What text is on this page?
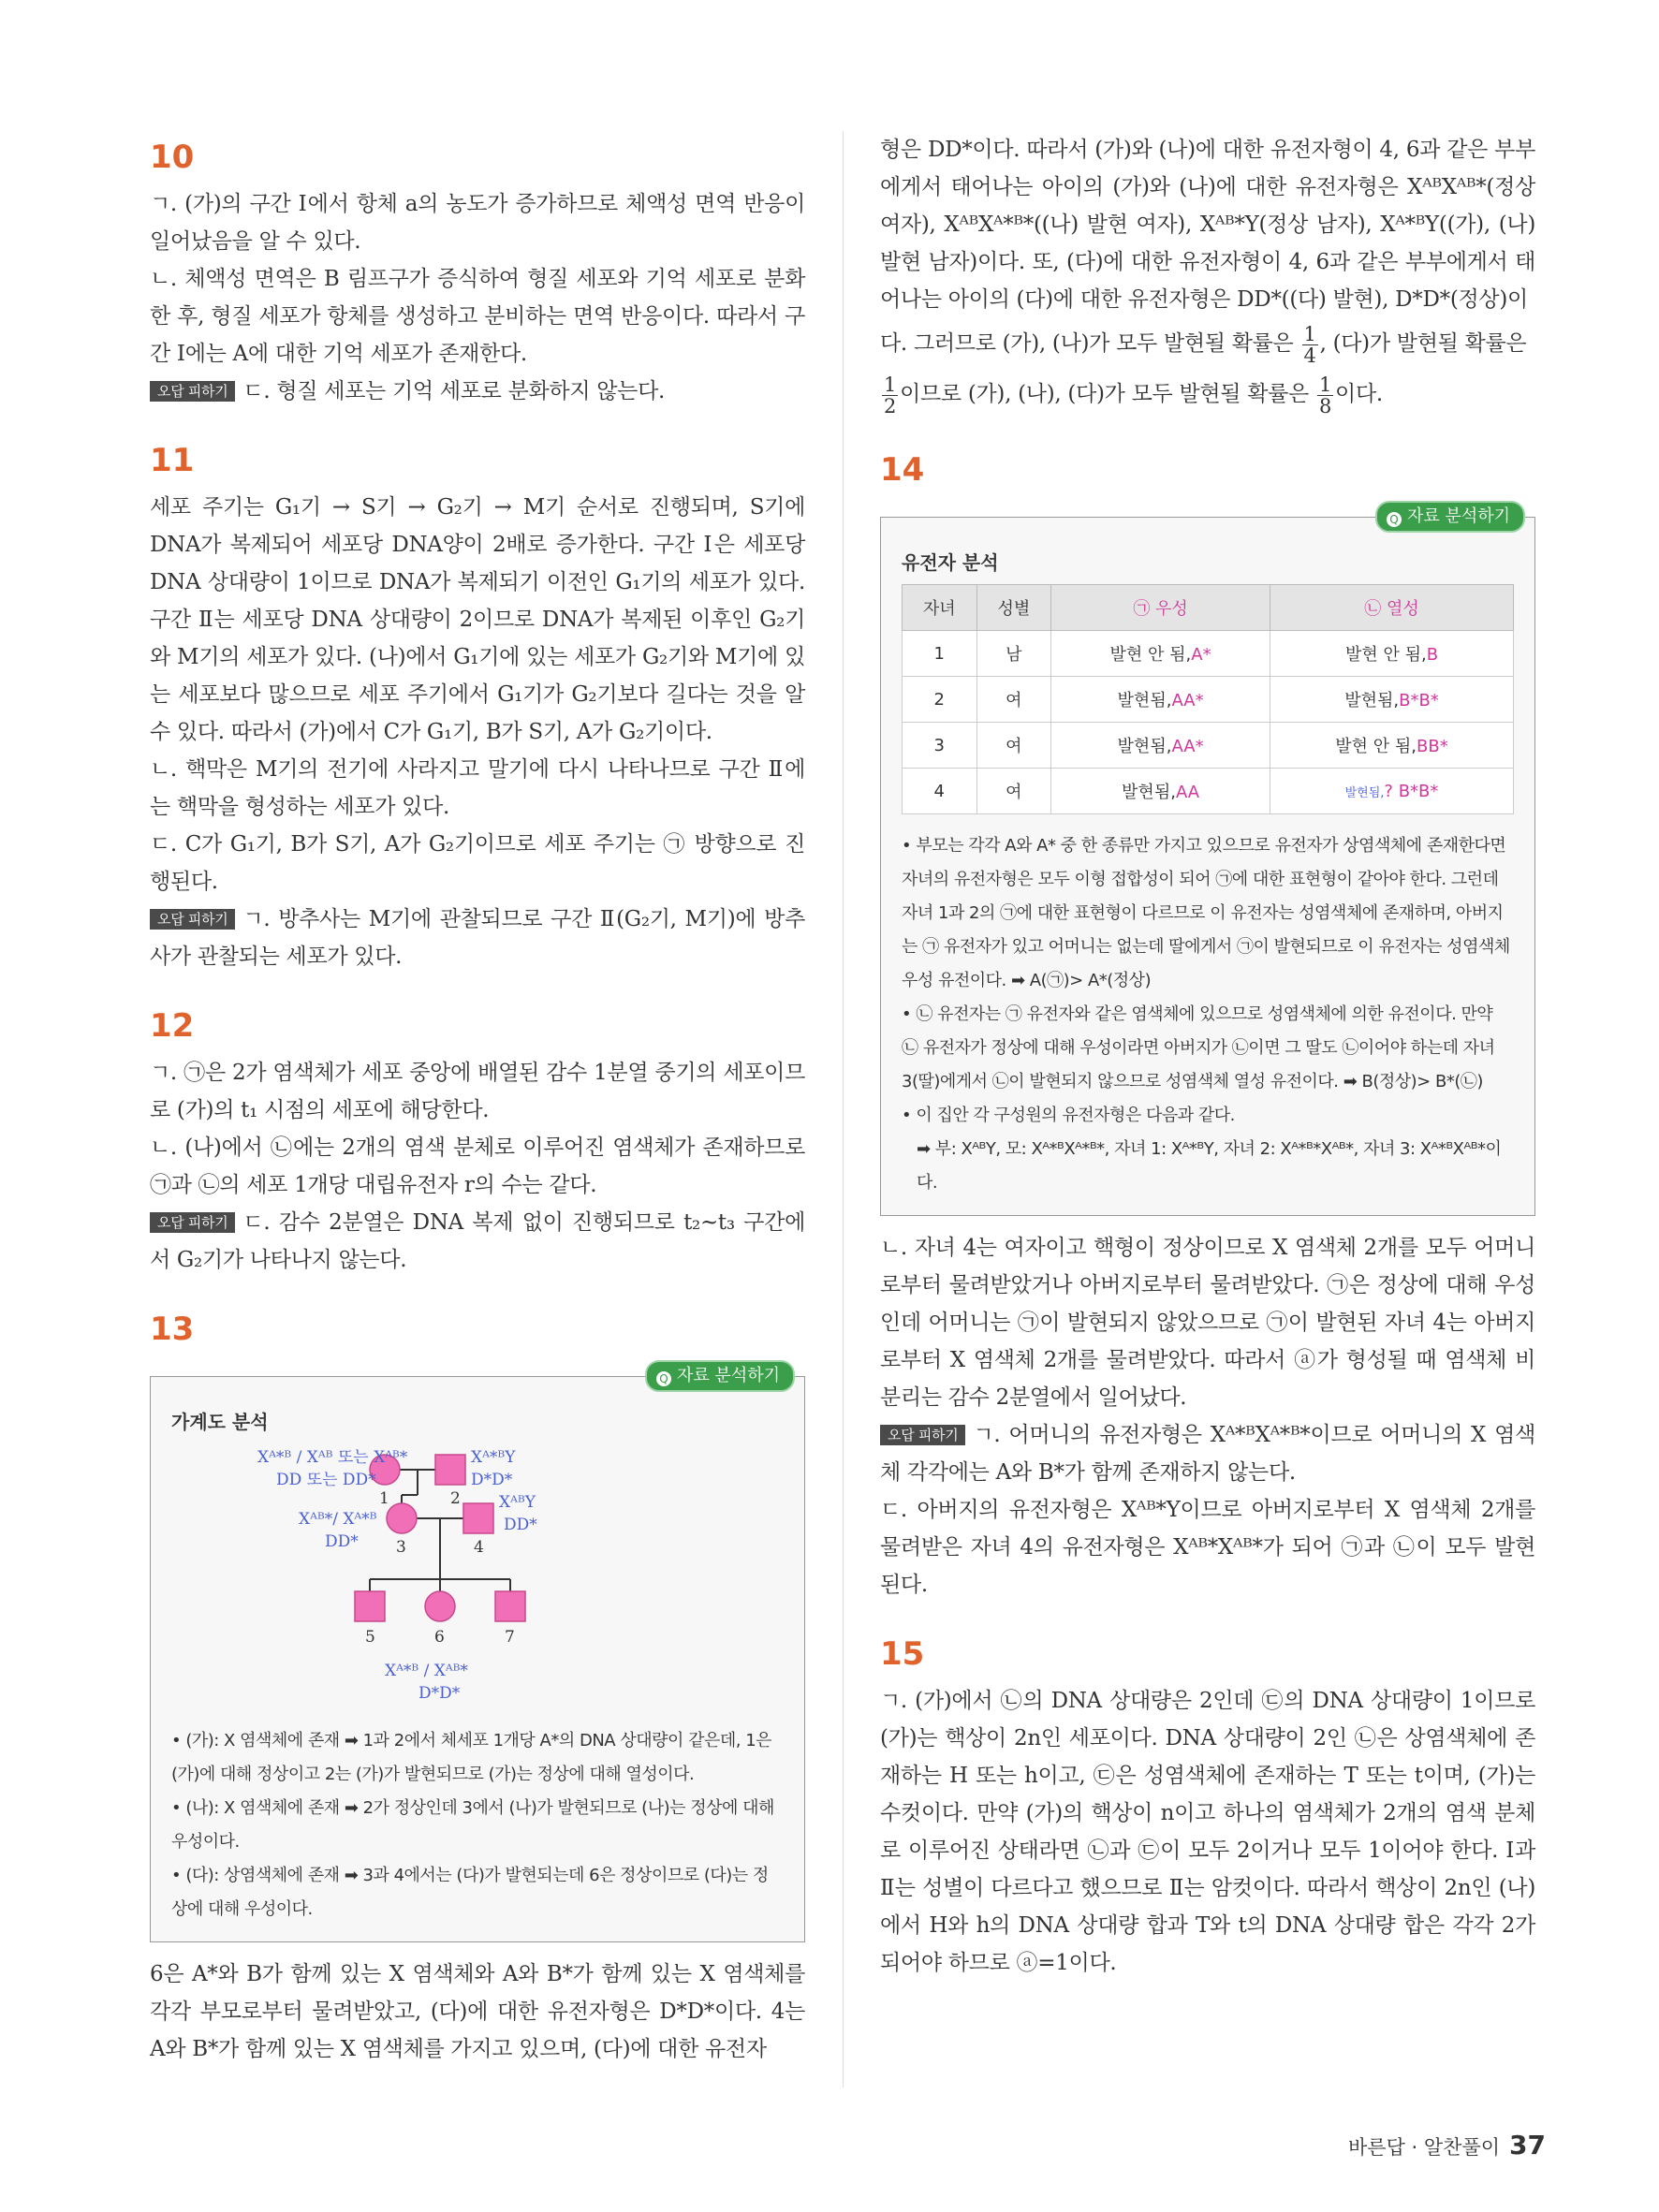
10

ㄱ. (가)의 구간 Ⅰ에서 항체 a의 농도가 증가하므로 체액성 면역 반응이 일어났음을 알 수 있다.

ㄴ. 체액성 면역은 B 림프구가 증식하여 형질 세포와 기억 세포로 분화한 후, 형질 세포가 항체를 생성하고 분비하는 면역 반응이다. 따라서 구간 Ⅰ에는 A에 대한 기억 세포가 존재한다.

오답 피하기 ㄷ. 형질 세포는 기억 세포로 분화하지 않는다.

11

세포 주기는 G₁기 → S기 → G₂기 → M기 순서로 진행되며, S기에 DNA가 복제되어 세포당 DNA양이 2배로 증가한다. 구간 Ⅰ은 세포당 DNA 상대량이 1이므로 DNA가 복제되기 이전인 G₁기의 세포가 있다. 구간 Ⅱ는 세포당 DNA 상대량이 2이므로 DNA가 복제된 이후인 G₂기와 M기의 세포가 있다. (나)에서 G₁기에 있는 세포가 G₂기와 M기에 있는 세포보다 많으므로 세포 주기에서 G₁기가 G₂기보다 길다는 것을 알 수 있다. 따라서 (가)에서 C가 G₁기, B가 S기, A가 G₂기이다.

ㄴ. 핵막은 M기의 전기에 사라지고 말기에 다시 나타나므로 구간 Ⅱ에는 핵막을 형성하는 세포가 있다.

ㄷ. C가 G₁기, B가 S기, A가 G₂기이므로 세포 주기는 ㉠ 방향으로 진행된다.

오답 피하기 ㄱ. 방추사는 M기에 관찰되므로 구간 Ⅱ(G₂기, M기)에 방추사가 관찰되는 세포가 있다.

12

ㄱ. ㉠은 2가 염색체가 세포 중앙에 배열된 감수 1분열 중기의 세포이므로 (가)의 t₁ 시점의 세포에 해당한다.

ㄴ. (나)에서 ㉡에는 2개의 염색 분체로 이루어진 염색체가 존재하므로 ㉠과 ㉡의 세포 1개당 대립유전자 r의 수는 같다.

오답 피하기 ㄷ. 감수 2분열은 DNA 복제 없이 진행되므로 t₂~t₃ 구간에서 G₂기가 나타나지 않는다.

13
Q 자료 분석하기
가계도 분석
Xᴬ*ᴮ / Xᴬᴮ 또는 Xᴬᴮ*
DD 또는 DD*
Xᴬ*ᴮY
D*D*
Xᴬᴮ*/ Xᴬ*ᴮ
DD*
XᴬᴮY
DD*
Xᴬ*ᴮ / Xᴬᴮ*
D*D*
1	2
3	4
5	6	7
• (가): X 염색체에 존재 ➡ 1과 2에서 체세포 1개당 A*의 DNA 상대량이 같은데, 1은 (가)에 대해 정상이고 2는 (가)가 발현되므로 (가)는 정상에 대해 열성이다.
• (나): X 염색체에 존재 ➡ 2가 정상인데 3에서 (나)가 발현되므로 (나)는 정상에 대해 우성이다.
• (다): 상염색체에 존재 ➡ 3과 4에서는 (다)가 발현되는데 6은 정상이므로 (다)는 정상에 대해 우성이다.

6은 A*와 B가 함께 있는 X 염색체와 A와 B*가 함께 있는 X 염색체를 각각 부모로부터 물려받았고, (다)에 대한 유전자형은 D*D*이다. 4는 A와 B*가 함께 있는 X 염색체를 가지고 있으며, (다)에 대한 유전자

형은 DD*이다. 따라서 (가)와 (나)에 대한 유전자형이 4, 6과 같은 부부에게서 태어나는 아이의 (가)와 (나)에 대한 유전자형은 XᴬᴮXᴬᴮ*(정상 여자), XᴬᴮXᴬ*ᴮ*((나) 발현 여자), Xᴬᴮ*Y(정상 남자), Xᴬ*ᴮY((가), (나) 발현 남자)이다. 또, (다)에 대한 유전자형이 4, 6과 같은 부부에게서 태어나는 아이의 (다)에 대한 유전자형은 DD*((다) 발현), D*D*(정상)이

다. 그러므로 (가), (나)가 모두 발현될 확률은 $\frac{1}{4}$ , (다)가 발현될 확률은

$\frac{1}{2}$ 이므로 (가), (나), (다)가 모두 발현될 확률은 $\frac{1}{8}$ 이다.

14
Q 자료 분석하기
유전자 분석
자녀	성별	㉠ 우성	㉡ 열성
1	남	발현 안 됨,A*	발현 안 됨,B
2	여	발현됨,AA*	발현됨,B*B*
3	여	발현됨,AA*	발현 안 됨,BB*
4	여	발현됨,AA	발현됨,? B*B*
• 부모는 각각 A와 A* 중 한 종류만 가지고 있으므로 유전자가 상염색체에 존재한다면 자녀의 유전자형은 모두 이형 접합성이 되어 ㉠에 대한 표현형이 같아야 한다. 그런데 자녀 1과 2의 ㉠에 대한 표현형이 다르므로 이 유전자는 성염색체에 존재하며, 아버지는 ㉠ 유전자가 있고 어머니는 없는데 딸에게서 ㉠이 발현되므로 이 유전자는 성염색체 우성 유전이다. ➡ A(㉠)> A*(정상)
• ㉡ 유전자는 ㉠ 유전자와 같은 염색체에 있으므로 성염색체에 의한 유전이다. 만약 ㉡ 유전자가 정상에 대해 우성이라면 아버지가 ㉡이면 그 딸도 ㉡이어야 하는데 자녀 3(딸)에게서 ㉡이 발현되지 않으므로 성염색체 열성 유전이다. ➡ B(정상)> B*(㉡)
• 이 집안 각 구성원의 유전자형은 다음과 같다.
➡ 부: XᴬᴮY, 모: Xᴬ*ᴮXᴬ*ᴮ*, 자녀 1: Xᴬ*ᴮY, 자녀 2: Xᴬ*ᴮ*Xᴬᴮ*, 자녀 3: Xᴬ*ᴮXᴬᴮ*이다.

ㄴ. 자녀 4는 여자이고 핵형이 정상이므로 X 염색체 2개를 모두 어머니로부터 물려받았거나 아버지로부터 물려받았다. ㉠은 정상에 대해 우성인데 어머니는 ㉠이 발현되지 않았으므로 ㉠이 발현된 자녀 4는 아버지로부터 X 염색체 2개를 물려받았다. 따라서 ⓐ가 형성될 때 염색체 비분리는 감수 2분열에서 일어났다.

오답 피하기 ㄱ. 어머니의 유전자형은 Xᴬ*ᴮXᴬ*ᴮ*이므로 어머니의 X 염색체 각각에는 A와 B*가 함께 존재하지 않는다.

ㄷ. 아버지의 유전자형은 Xᴬᴮ*Y이므로 아버지로부터 X 염색체 2개를 물려받은 자녀 4의 유전자형은 Xᴬᴮ*Xᴬᴮ*가 되어 ㉠과 ㉡이 모두 발현된다.

15

ㄱ. (가)에서 ㉡의 DNA 상대량은 2인데 ㉢의 DNA 상대량이 1이므로 (가)는 핵상이 2n인 세포이다. DNA 상대량이 2인 ㉡은 상염색체에 존재하는 H 또는 h이고, ㉢은 성염색체에 존재하는 T 또는 t이며, (가)는 수컷이다. 만약 (가)의 핵상이 n이고 하나의 염색체가 2개의 염색 분체로 이루어진 상태라면 ㉡과 ㉢이 모두 2이거나 모두 1이어야 한다. Ⅰ과 Ⅱ는 성별이 다르다고 했으므로 Ⅱ는 암컷이다. 따라서 핵상이 2n인 (나)에서 H와 h의 DNA 상대량 합과 T와 t의 DNA 상대량 합은 각각 2가 되어야 하므로 ⓐ=1이다.

바른답 · 알찬풀이 37
